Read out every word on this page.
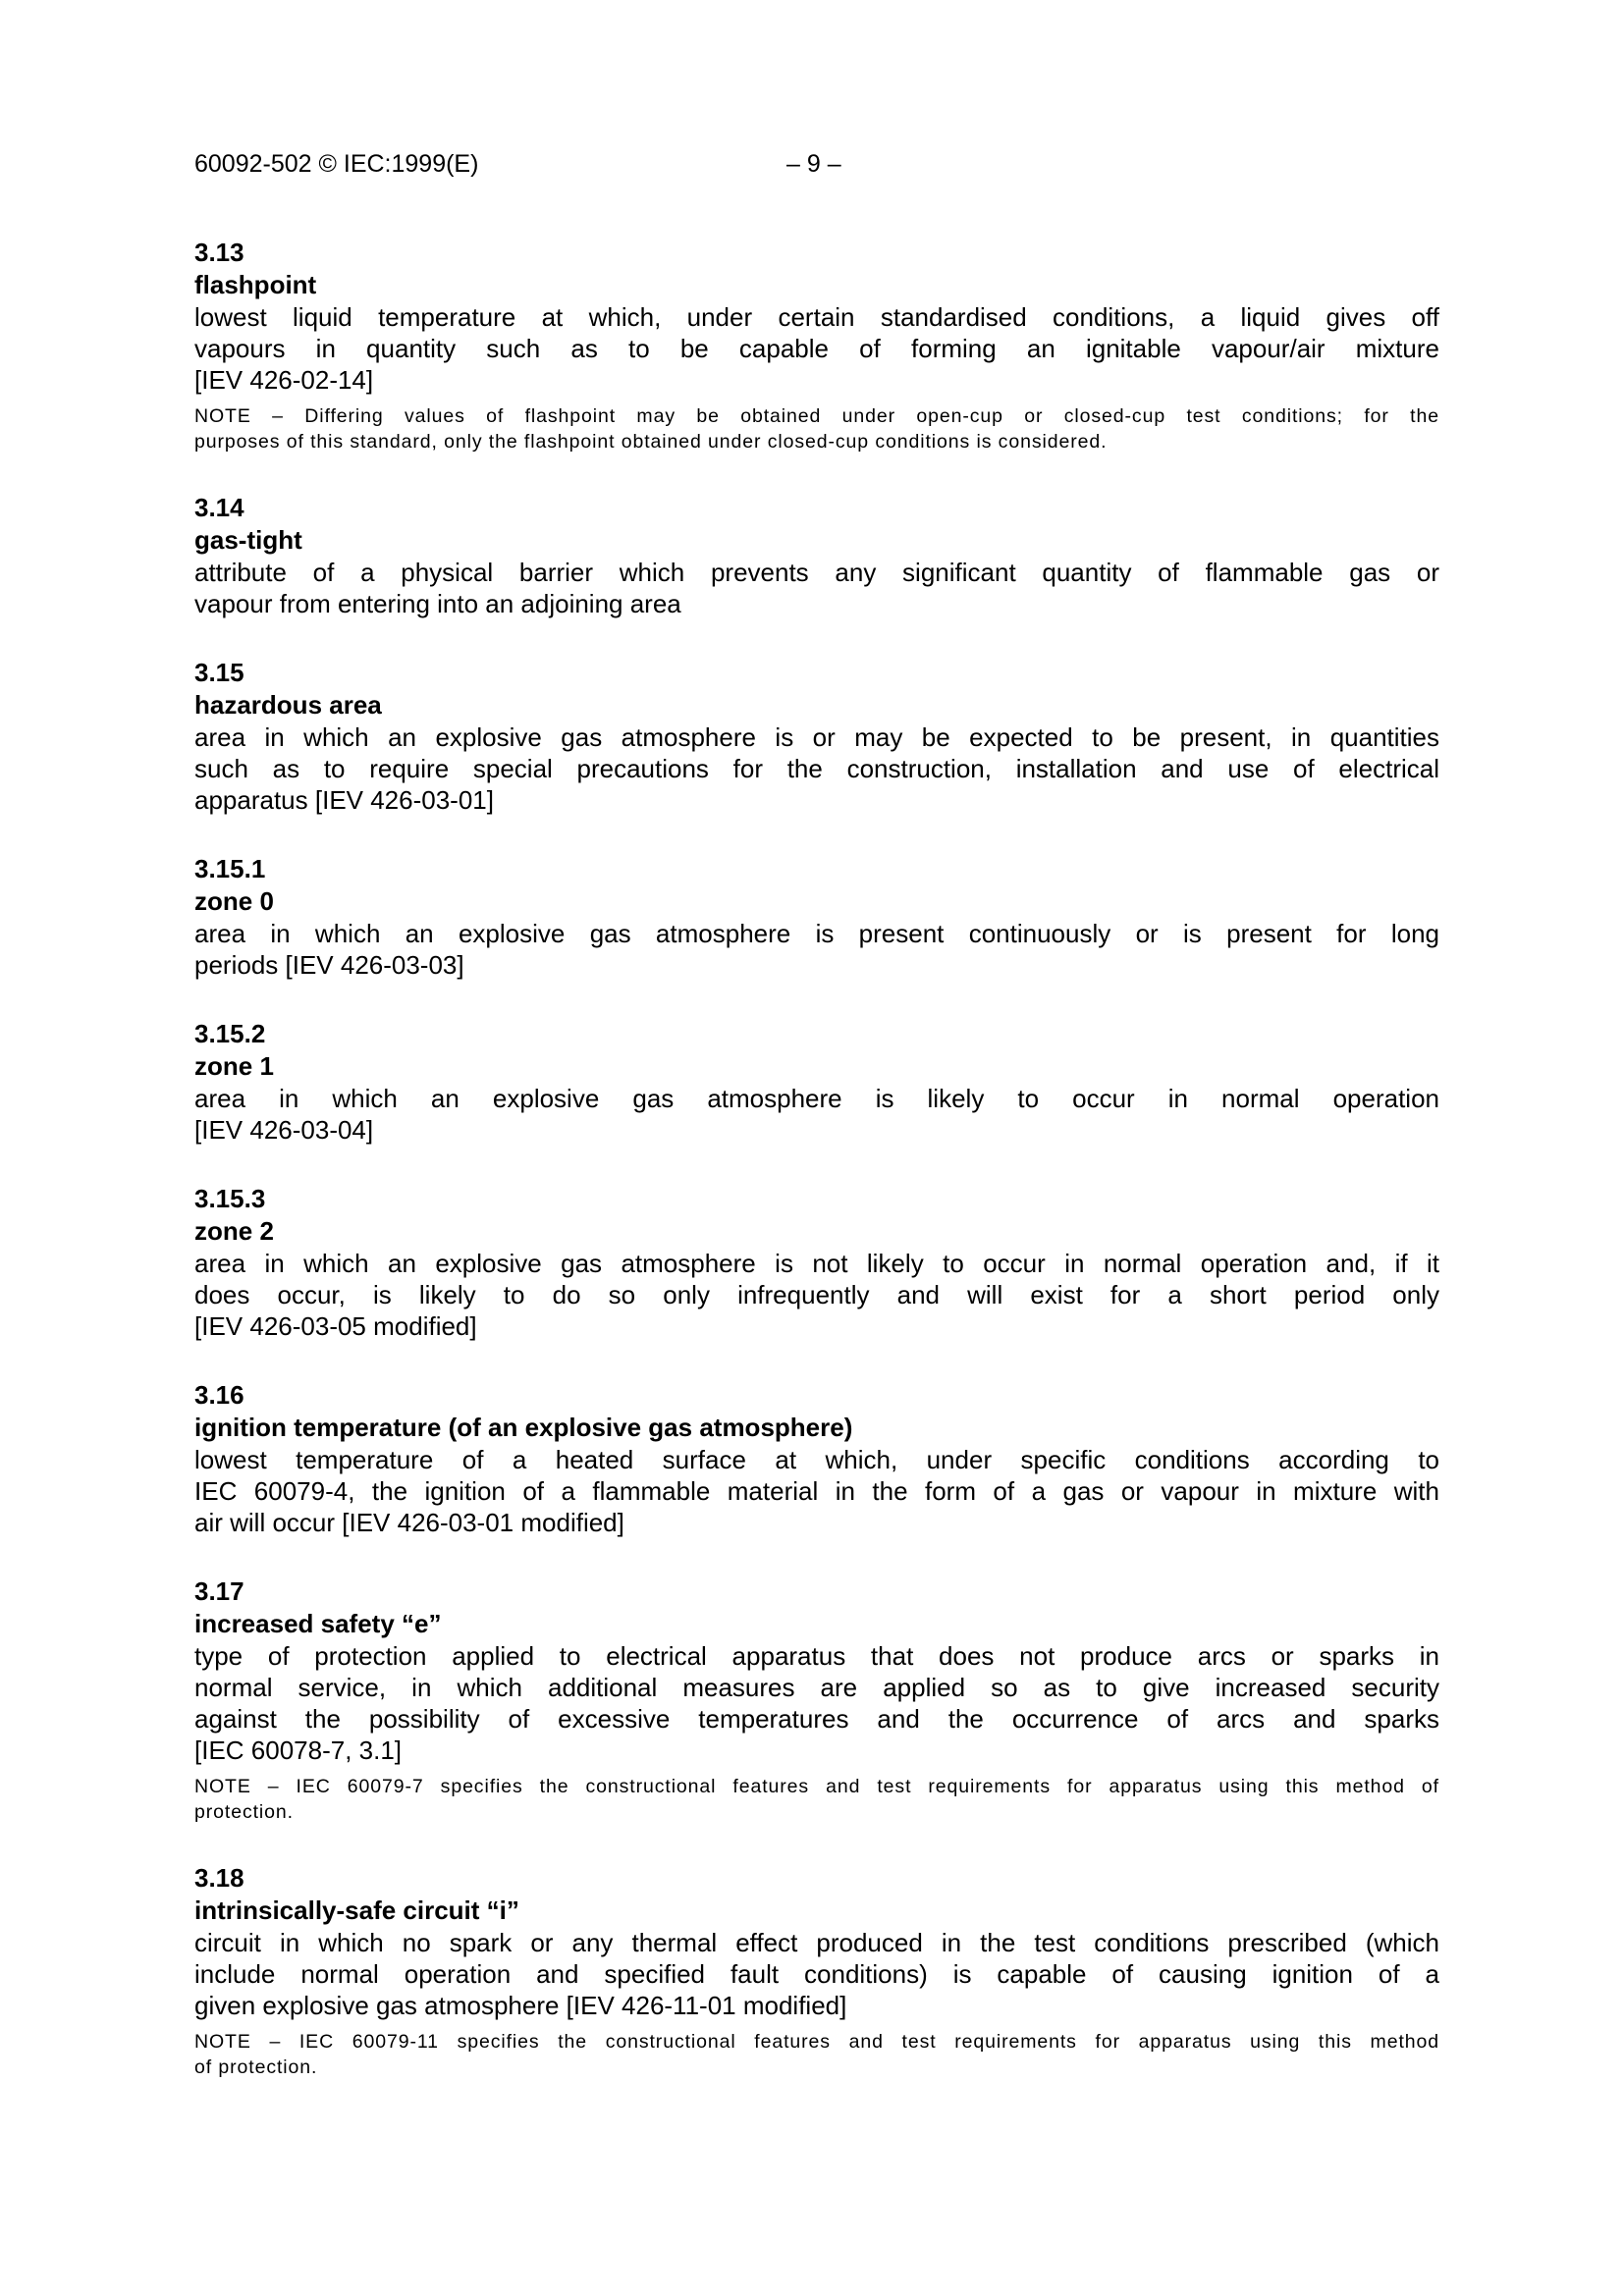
60092-502 © IEC:1999(E)	– 9 –
3.13
flashpoint
lowest liquid temperature at which, under certain standardised conditions, a liquid gives off
vapours in quantity such as to be capable of forming an ignitable vapour/air mixture
[IEV 426-02-14]
NOTE – Differing values of flashpoint may be obtained under open-cup or closed-cup test conditions; for the
purposes of this standard, only the flashpoint obtained under closed-cup conditions is considered.
3.14
gas-tight
attribute of a physical barrier which prevents any significant quantity of flammable gas or
vapour from entering into an adjoining area
3.15
hazardous area
area in which an explosive gas atmosphere is or may be expected to be present, in quantities
such as to require special precautions for the construction, installation and use of electrical
apparatus [IEV 426-03-01]
3.15.1
zone 0
area in which an explosive gas atmosphere is present continuously or is present for long
periods [IEV 426-03-03]
3.15.2
zone 1
area in which an explosive gas atmosphere is likely to occur in normal operation
[IEV 426-03-04]
3.15.3
zone 2
area in which an explosive gas atmosphere is not likely to occur in normal operation and, if it
does occur, is likely to do so only infrequently and will exist for a short period only
[IEV 426-03-05 modified]
3.16
ignition temperature (of an explosive gas atmosphere)
lowest temperature of a heated surface at which, under specific conditions according to
IEC 60079-4, the ignition of a flammable material in the form of a gas or vapour in mixture with
air will occur [IEV 426-03-01 modified]
3.17
increased safety “e”
type of protection applied to electrical apparatus that does not produce arcs or sparks in
normal service, in which additional measures are applied so as to give increased security
against the possibility of excessive temperatures and the occurrence of arcs and sparks
[IEC 60078-7, 3.1]
NOTE – IEC 60079-7 specifies the constructional features and test requirements for apparatus using this method of
protection.
3.18
intrinsically-safe circuit “i”
circuit in which no spark or any thermal effect produced in the test conditions prescribed (which
include normal operation and specified fault conditions) is capable of causing ignition of a
given explosive gas atmosphere [IEV 426-11-01 modified]
NOTE – IEC 60079-11 specifies the constructional features and test requirements for apparatus using this method
of protection.
